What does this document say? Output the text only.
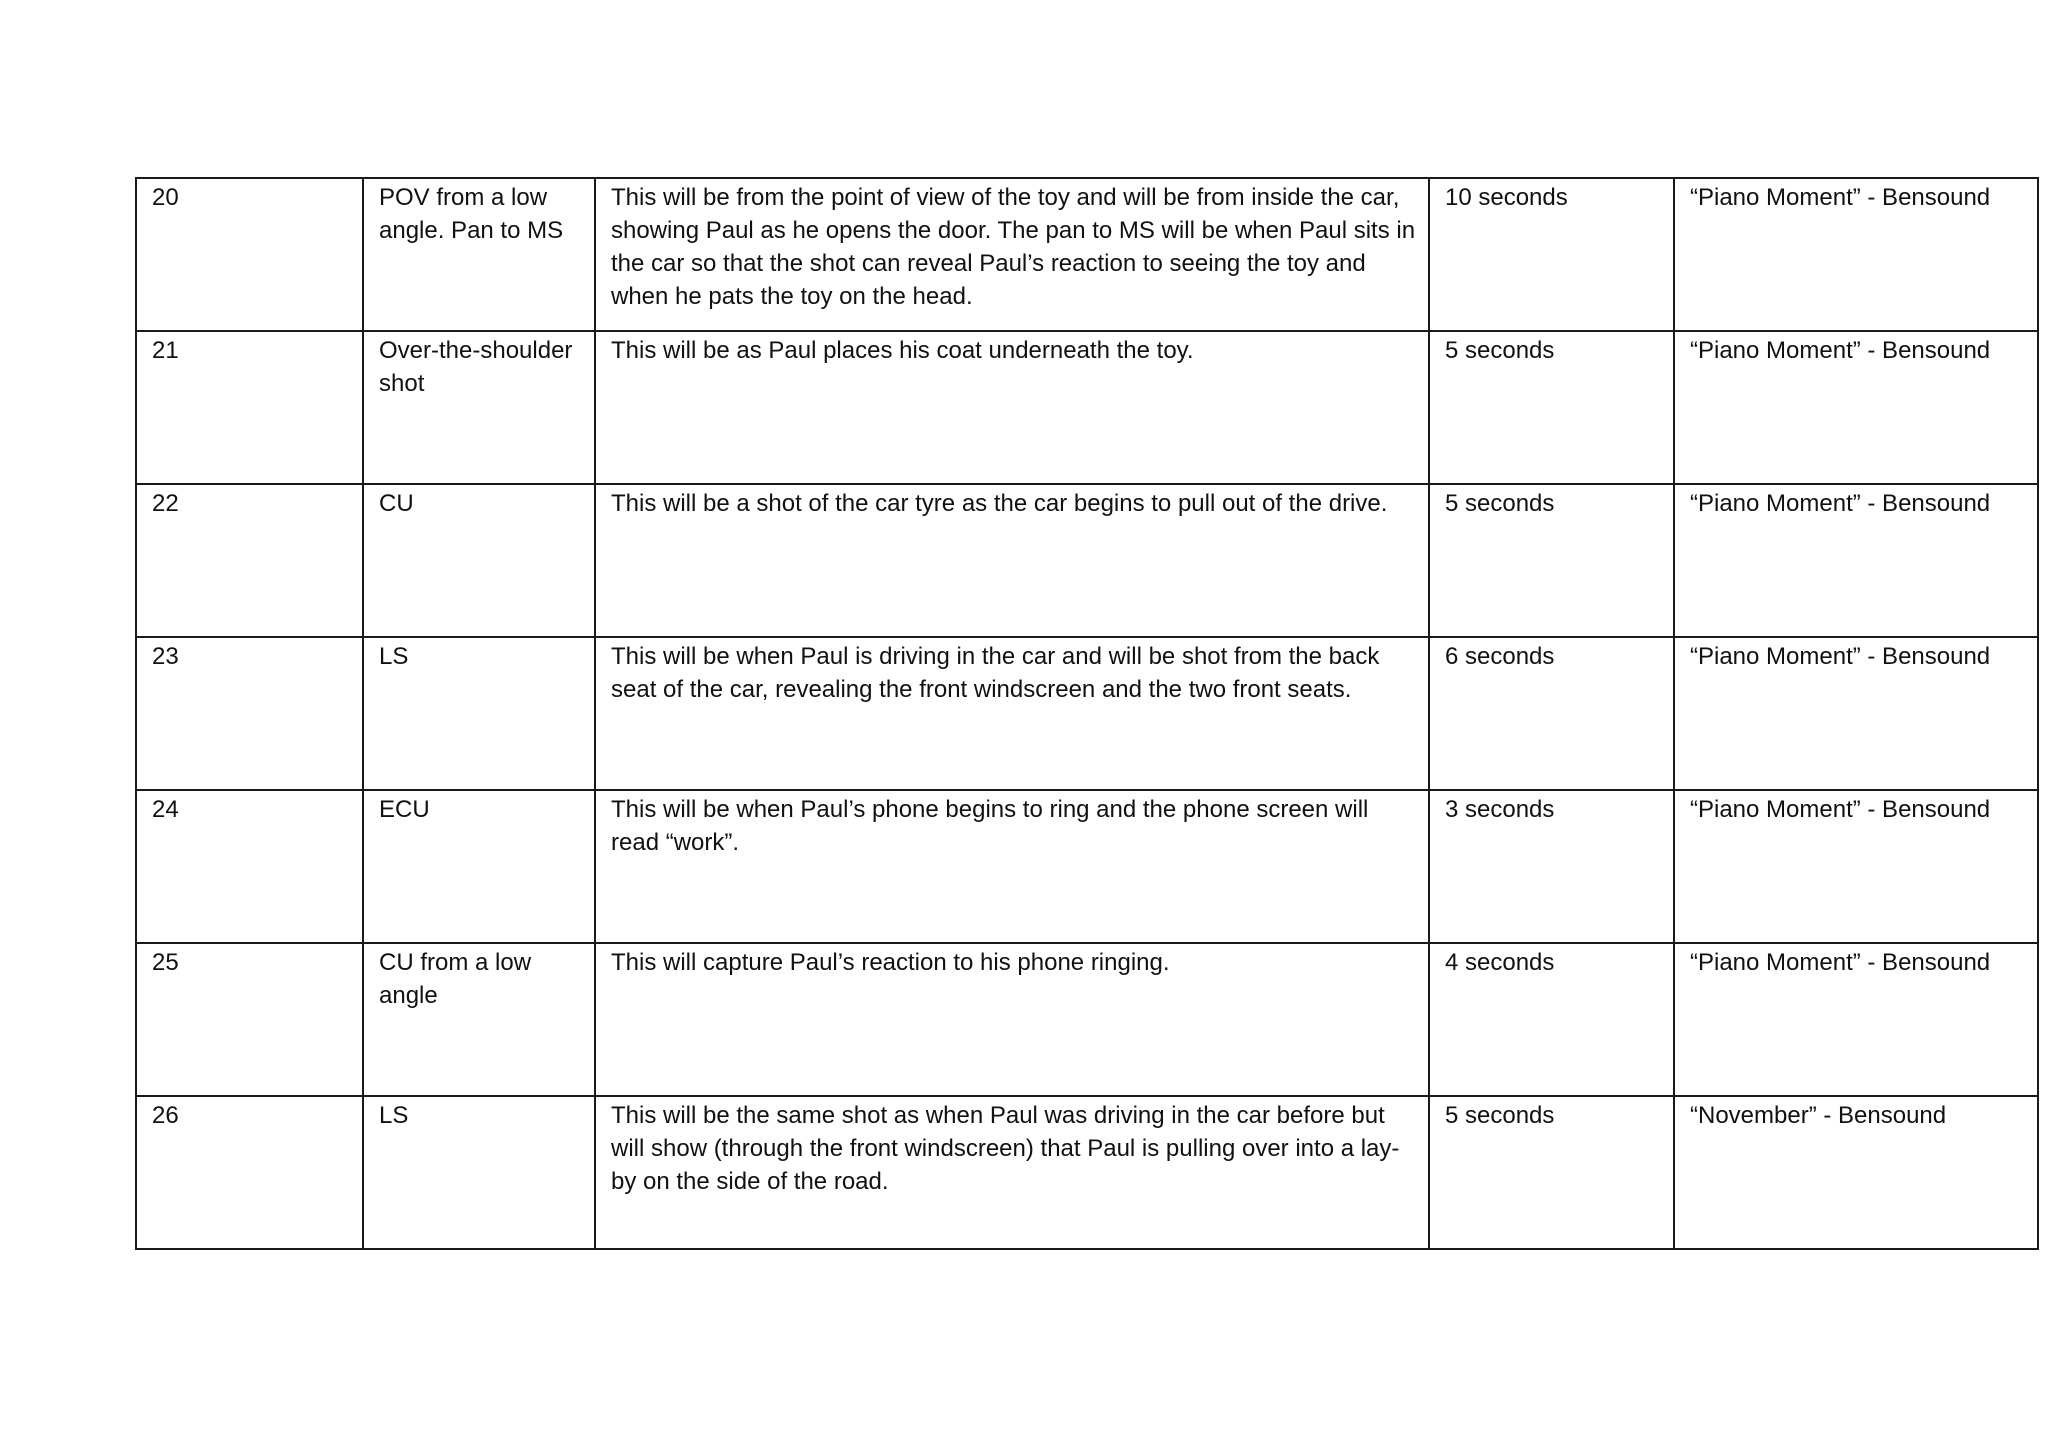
20	POV from a low angle. Pan to MS	This will be from the point of view of the toy and will be from inside the car, showing Paul as he opens the door. The pan to MS will be when Paul sits in the car so that the shot can reveal Paul’s reaction to seeing the toy and when he pats the toy on the head.	10 seconds	“Piano Moment” - Bensound
21	Over-the-shoulder shot	This will be as Paul places his coat underneath the toy.	5 seconds	“Piano Moment” - Bensound
22	CU	This will be a shot of the car tyre as the car begins to pull out of the drive.	5 seconds	“Piano Moment” - Bensound
23	LS	This will be when Paul is driving in the car and will be shot from the back seat of the car, revealing the front windscreen and the two front seats.	6 seconds	“Piano Moment” - Bensound
24	ECU	This will be when Paul’s phone begins to ring and the phone screen will read “work”.	3 seconds	“Piano Moment” - Bensound
25	CU from a low angle	This will capture Paul’s reaction to his phone ringing.	4 seconds	“Piano Moment” - Bensound
26	LS	This will be the same shot as when Paul was driving in the car before but will show (through the front windscreen) that Paul is pulling over into a lay-by on the side of the road.	5 seconds	“November” - Bensound
